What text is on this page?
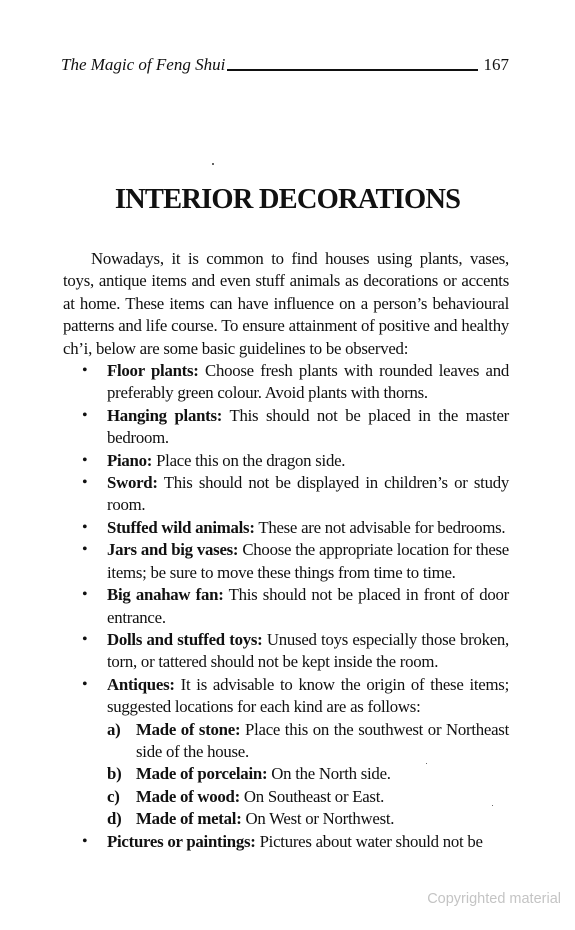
The Magic of Feng Shui	167
INTERIOR DECORATIONS

Nowadays, it is common to find houses using plants, vases, toys, antique items and even stuff animals as decorations or accents at home. These items can have influence on a person’s behavioural patterns and life course. To ensure attainment of positive and healthy ch’i, below are some basic guidelines to be observed:

• Floor plants: Choose fresh plants with rounded leaves and preferably green colour. Avoid plants with thorns.
• Hanging plants: This should not be placed in the master bedroom.
• Piano: Place this on the dragon side.
• Sword: This should not be displayed in children’s or study room.
• Stuffed wild animals: These are not advisable for bedrooms.
• Jars and big vases: Choose the appropriate location for these items; be sure to move these things from time to time.
• Big anahaw fan: This should not be placed in front of door entrance.
• Dolls and stuffed toys: Unused toys especially those broken, torn, or tattered should not be kept inside the room.
• Antiques: It is advisable to know the origin of these items; suggested locations for each kind are as follows:
a) Made of stone: Place this on the southwest or Northeast side of the house.
b) Made of porcelain: On the North side.
c) Made of wood: On Southeast or East.
d) Made of metal: On West or Northwest.
• Pictures or paintings: Pictures about water should not be
Copyrighted material
